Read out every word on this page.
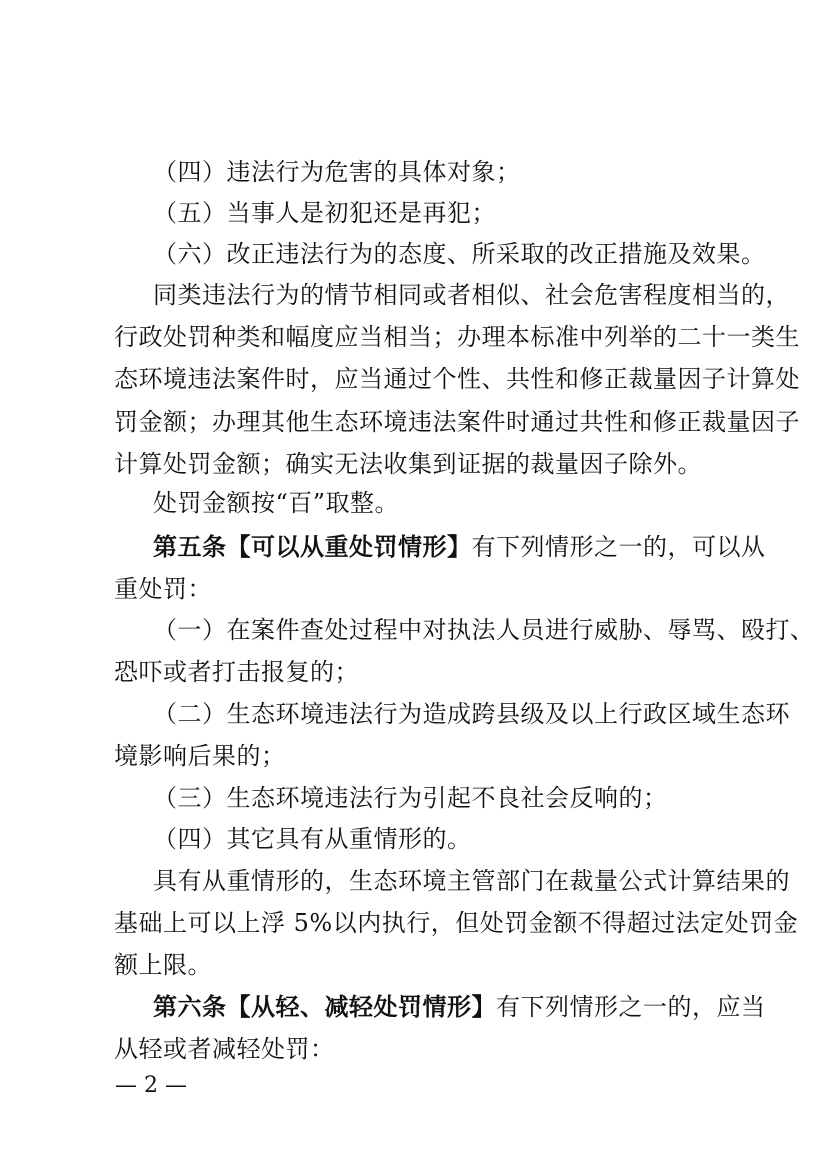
（四）违法行为危害的具体对象；
（五）当事人是初犯还是再犯；
（六）改正违法行为的态度、所采取的改正措施及效果。
同类违法行为的情节相同或者相似、社会危害程度相当的，
行政处罚种类和幅度应当相当；办理本标准中列举的二十一类生
态环境违法案件时，应当通过个性、共性和修正裁量因子计算处
罚金额；办理其他生态环境违法案件时通过共性和修正裁量因子
计算处罚金额；确实无法收集到证据的裁量因子除外。
处罚金额按“百”取整。
第五条【可以从重处罚情形】 有下列情形之一的，可以从
重处罚：
（一）在案件查处过程中对执法人员进行威胁、辱骂、殴打、
恐吓或者打击报复的；
（二）生态环境违法行为造成跨县级及以上行政区域生态环
境影响后果的；
（三）生态环境违法行为引起不良社会反响的；
（四）其它具有从重情形的。
具有从重情形的，生态环境主管部门在裁量公式计算结果的
基础上可以上浮 5%以内执行，但处罚金额不得超过法定处罚金
额上限。
第六条【从轻、减轻处罚情形】 有下列情形之一的，应当
从轻或者减轻处罚：
— 2 —
